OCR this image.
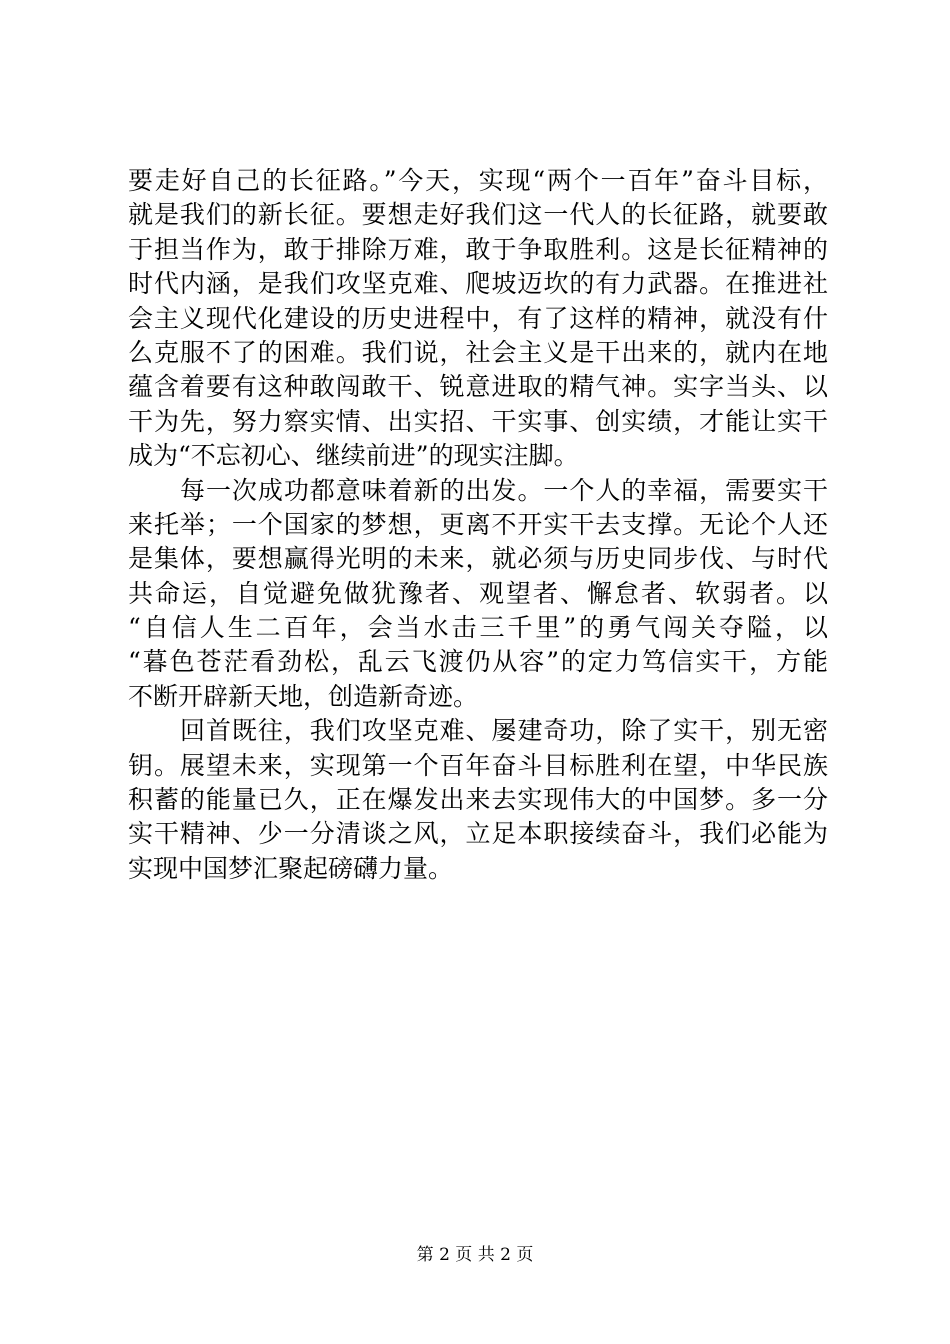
要走好自己的长征路。”今天，实现“两个一百年”奋斗目标，
就是我们的新长征。要想走好我们这一代人的长征路，就要敢
于担当作为，敢于排除万难，敢于争取胜利。这是长征精神的
时代内涵，是我们攻坚克难、爬坡迈坎的有力武器。在推进社
会主义现代化建设的历史进程中，有了这样的精神，就没有什
么克服不了的困难。我们说，社会主义是干出来的，就内在地
蕴含着要有这种敢闯敢干、锐意进取的精气神。实字当头、以
干为先，努力察实情、出实招、干实事、创实绩，才能让实干
成为“不忘初心、继续前进”的现实注脚。
每一次成功都意味着新的出发。一个人的幸福，需要实干
来托举；一个国家的梦想，更离不开实干去支撑。无论个人还
是集体，要想赢得光明的未来，就必须与历史同步伐、与时代
共命运，自觉避免做犹豫者、观望者、懈怠者、软弱者。以
“自信人生二百年，会当水击三千里”的勇气闯关夺隘，以
“暮色苍茫看劲松，乱云飞渡仍从容”的定力笃信实干，方能
不断开辟新天地，创造新奇迹。
回首既往，我们攻坚克难、屡建奇功，除了实干，别无密
钥。展望未来，实现第一个百年奋斗目标胜利在望，中华民族
积蓄的能量已久，正在爆发出来去实现伟大的中国梦。多一分
实干精神、少一分清谈之风，立足本职接续奋斗，我们必能为
实现中国梦汇聚起磅礴力量。
第 2 页 共 2 页
